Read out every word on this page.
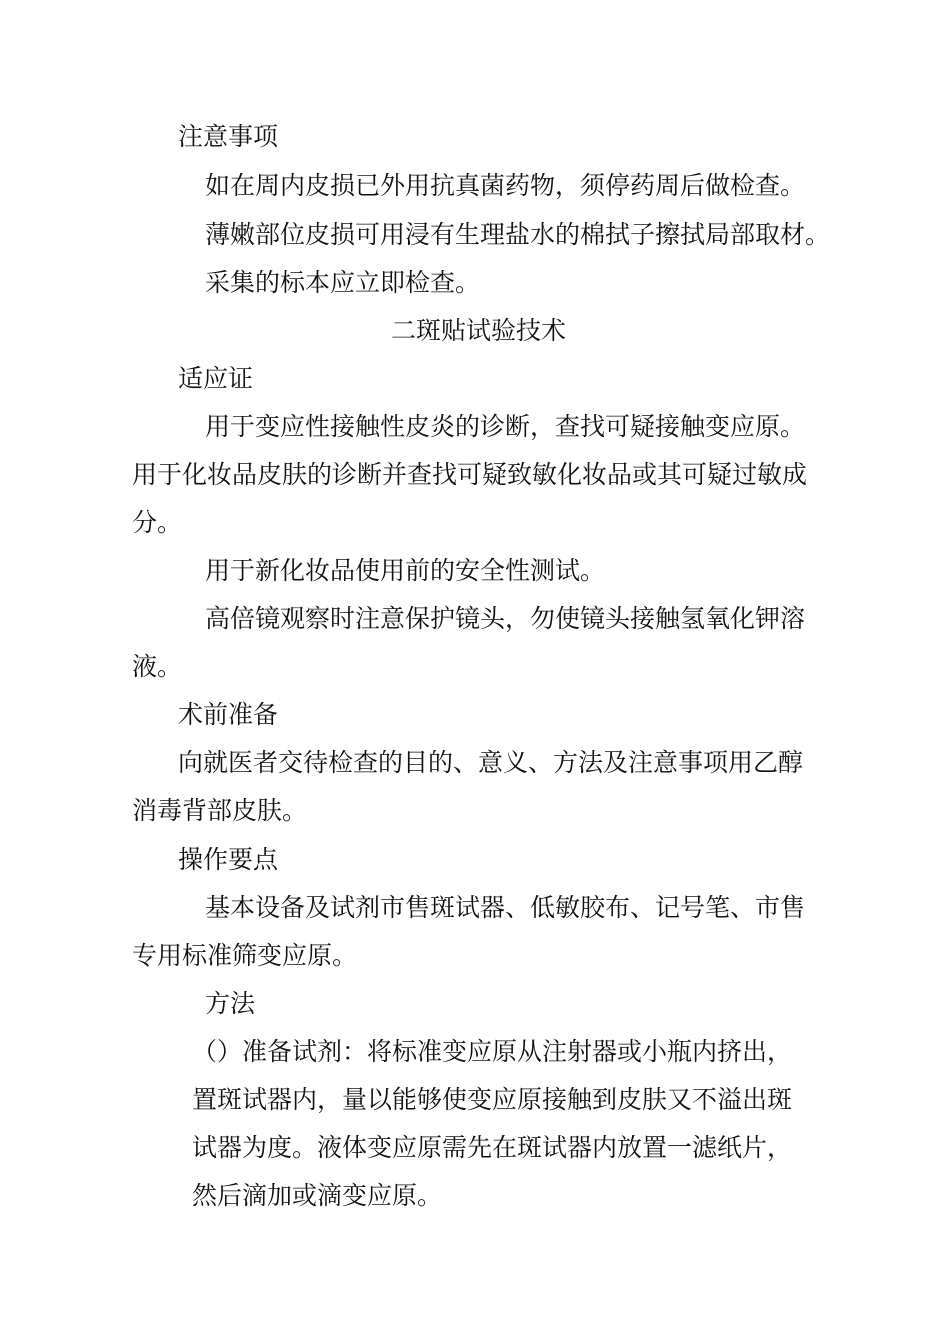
注意事项

如在周内皮损已外用抗真菌药物，须停药周后做检查。

薄嫩部位皮损可用浸有生理盐水的棉拭子擦拭局部取材。

采集的标本应立即检查。

二斑贴试验技术

适应证

用于变应性接触性皮炎的诊断，查找可疑接触变应原。

用于化妆品皮肤的诊断并查找可疑致敏化妆品或其可疑过敏成

分。

用于新化妆品使用前的安全性测试。

高倍镜观察时注意保护镜头，勿使镜头接触氢氧化钾溶

液。

术前准备

向就医者交待检查的目的、意义、方法及注意事项用乙醇

消毒背部皮肤。

操作要点

基本设备及试剂市售斑试器、低敏胶布、记号笔、市售

专用标准筛变应原。

方法

（）准备试剂：将标准变应原从注射器或小瓶内挤出，

置斑试器内，量以能够使变应原接触到皮肤又不溢出斑

试器为度。液体变应原需先在斑试器内放置一滤纸片，

然后滴加或滴变应原。
